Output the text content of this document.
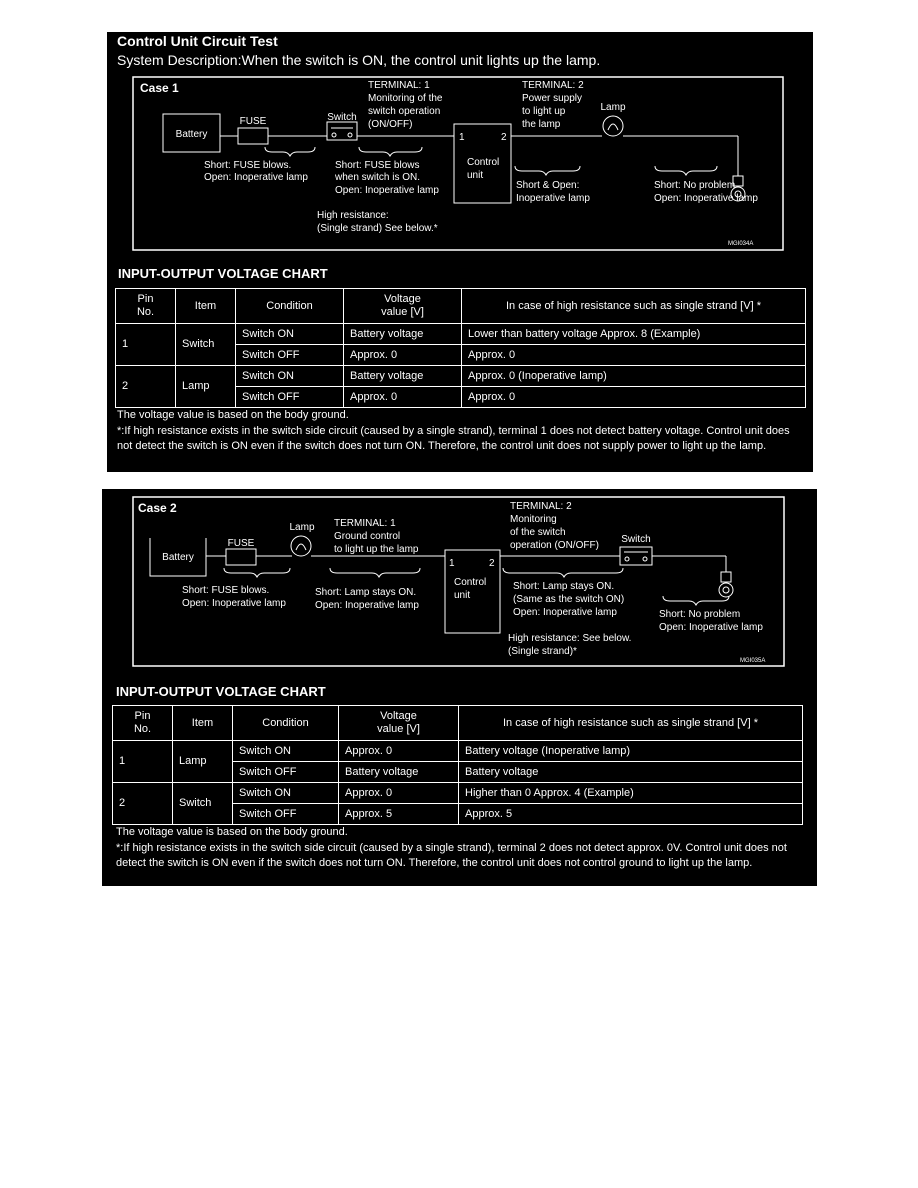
Control Unit Circuit Test
System Description:When the switch is ON, the control unit lights up the lamp.
Case 1
MGI034A
Battery
FUSE	Switch
TERMINAL: 1
Monitoring of the
switch operation
(ON/OFF)
1	2
Control
unit
TERMINAL: 2
Power supply
to light up
the lamp
Lamp
Short: FUSE blows.
Open: Inoperative lamp
Short: FUSE blows
when switch is ON.
Open: Inoperative lamp
High resistance:
(Single strand) See below.*
Short & Open:
Inoperative lamp
Short: No problem
Open: Inoperative lamp
INPUT-OUTPUT VOLTAGE CHART
Pin
No.	Item	Condition	Voltage
value [V]	In case of high resistance such as single strand [V] *
1	Switch	Switch ON	Battery voltage	Lower than battery voltage Approx. 8 (Example)
		Switch OFF	Approx. 0	Approx. 0
2	Lamp	Switch ON	Battery voltage	Approx. 0 (Inoperative lamp)
		Switch OFF	Approx. 0	Approx. 0
The voltage value is based on the body ground.
*:If high resistance exists in the switch side circuit (caused by a single strand), terminal 1 does not detect battery voltage. Control unit does not detect the switch is ON even if the switch does not turn ON. Therefore, the control unit does not supply power to light up the lamp.
Case 2
MGI035A
Battery
FUSE
Lamp TERMINAL: 1
Ground control
to light up the lamp
1	2
Control
unit
TERMINAL: 2
Monitoring
of the switch
operation (ON/OFF)
Switch
Short: FUSE blows.
Open: Inoperative lamp
Short: Lamp stays ON.
Open: Inoperative lamp
Short: Lamp stays ON.
(Same as the switch ON)
Open: Inoperative lamp
High resistance: See below.
(Single strand)*
Short: No problem
Open: Inoperative lamp
INPUT-OUTPUT VOLTAGE CHART
Pin
No.	Item	Condition	Voltage
value [V]	In case of high resistance such as single strand [V] *
1	Lamp	Switch ON	Approx. 0	Battery voltage (Inoperative lamp)
		Switch OFF	Battery voltage	Battery voltage
2	Switch	Switch ON	Approx. 0	Higher than 0 Approx. 4 (Example)
		Switch OFF	Approx. 5	Approx. 5
The voltage value is based on the body ground.
*:If high resistance exists in the switch side circuit (caused by a single strand), terminal 2 does not detect approx. 0V. Control unit does not detect the switch is ON even if the switch does not turn ON. Therefore, the control unit does not control ground to light up the lamp.
